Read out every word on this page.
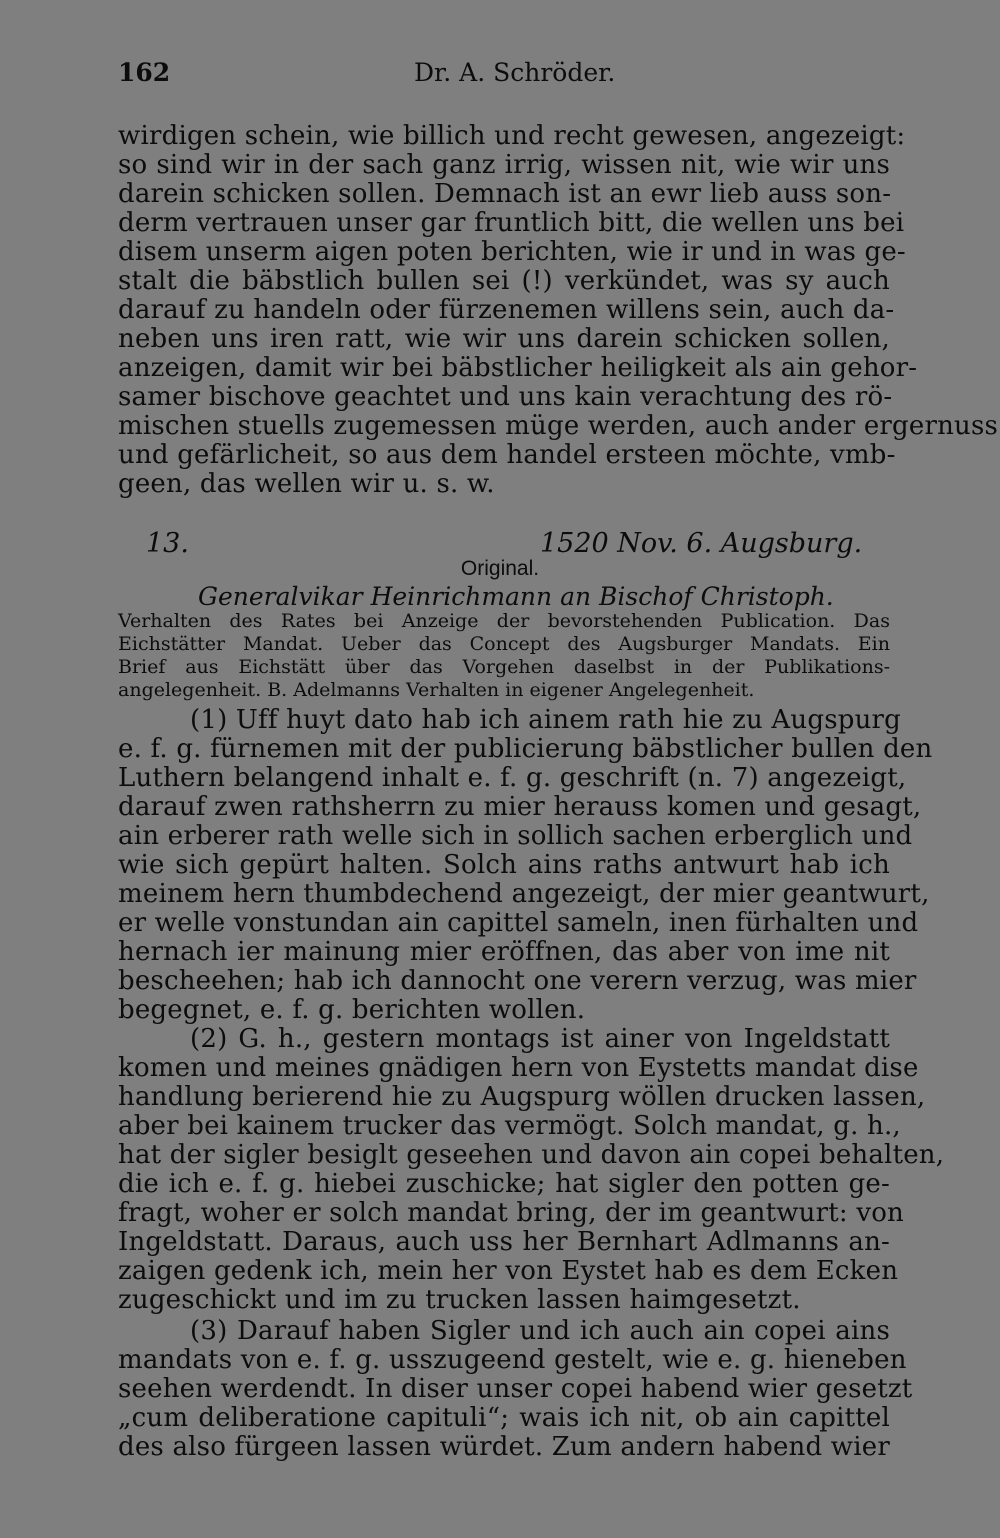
162	Dr. A. Schröder.
wirdigen schein, wie billich und recht gewesen, angezeigt:
so sind wir in der sach ganz irrig, wissen nit, wie wir uns
darein schicken sollen. Demnach ist an ewr lieb auss son-
derm vertrauen unser gar fruntlich bitt, die wellen uns bei
disem unserm aigen poten berichten, wie ir und in was ge-
stalt die bäbstlich bullen sei (!) verkündet, was sy auch
darauf zu handeln oder fürzenemen willens sein, auch da-
neben uns iren ratt, wie wir uns darein schicken sollen,
anzeigen, damit wir bei bäbstlicher heiligkeit als ain gehor-
samer bischove geachtet und uns kain verachtung des rö-
mischen stuells zugemessen müge werden, auch ander ergernuss
und gefärlicheit, so aus dem handel ersteen möchte, vmb-
geen, das wellen wir u. s. w.
13.	1520 Nov. 6. Augsburg.
Original.
Generalvikar Heinrichmann an Bischof Christoph.
Verhalten des Rates bei Anzeige der bevorstehenden Publication. Das
Eichstätter Mandat. Ueber das Concept des Augsburger Mandats. Ein
Brief aus Eichstätt über das Vorgehen daselbst in der Publikations-
angelegenheit. B. Adelmanns Verhalten in eigener Angelegenheit.
(1) Uff huyt dato hab ich ainem rath hie zu Augspurg
e. f. g. fürnemen mit der publicierung bäbstlicher bullen den
Luthern belangend inhalt e. f. g. geschrift (n. 7) angezeigt,
darauf zwen rathsherrn zu mier herauss komen und gesagt,
ain erberer rath welle sich in sollich sachen erberglich und
wie sich gepürt halten. Solch ains raths antwurt hab ich
meinem hern thumbdechend angezeigt, der mier geantwurt,
er welle vonstundan ain capittel sameln, inen fürhalten und
hernach ier mainung mier eröffnen, das aber von ime nit
bescheehen; hab ich dannocht one verern verzug, was mier
begegnet, e. f. g. berichten wollen.
(2) G. h., gestern montags ist ainer von Ingeldstatt
komen und meines gnädigen hern von Eystetts mandat dise
handlung berierend hie zu Augspurg wöllen drucken lassen,
aber bei kainem trucker das vermögt. Solch mandat, g. h.,
hat der sigler besiglt geseehen und davon ain copei behalten,
die ich e. f. g. hiebei zuschicke; hat sigler den potten ge-
fragt, woher er solch mandat bring, der im geantwurt: von
Ingeldstatt. Daraus, auch uss her Bernhart Adlmanns an-
zaigen gedenk ich, mein her von Eystet hab es dem Ecken
zugeschickt und im zu trucken lassen haimgesetzt.
(3) Darauf haben Sigler und ich auch ain copei ains
mandats von e. f. g. usszugeend gestelt, wie e. g. hieneben
seehen werdendt. In diser unser copei habend wier gesetzt
„cum deliberatione capituli“; wais ich nit, ob ain capittel
des also fürgeen lassen würdet. Zum andern habend wier
